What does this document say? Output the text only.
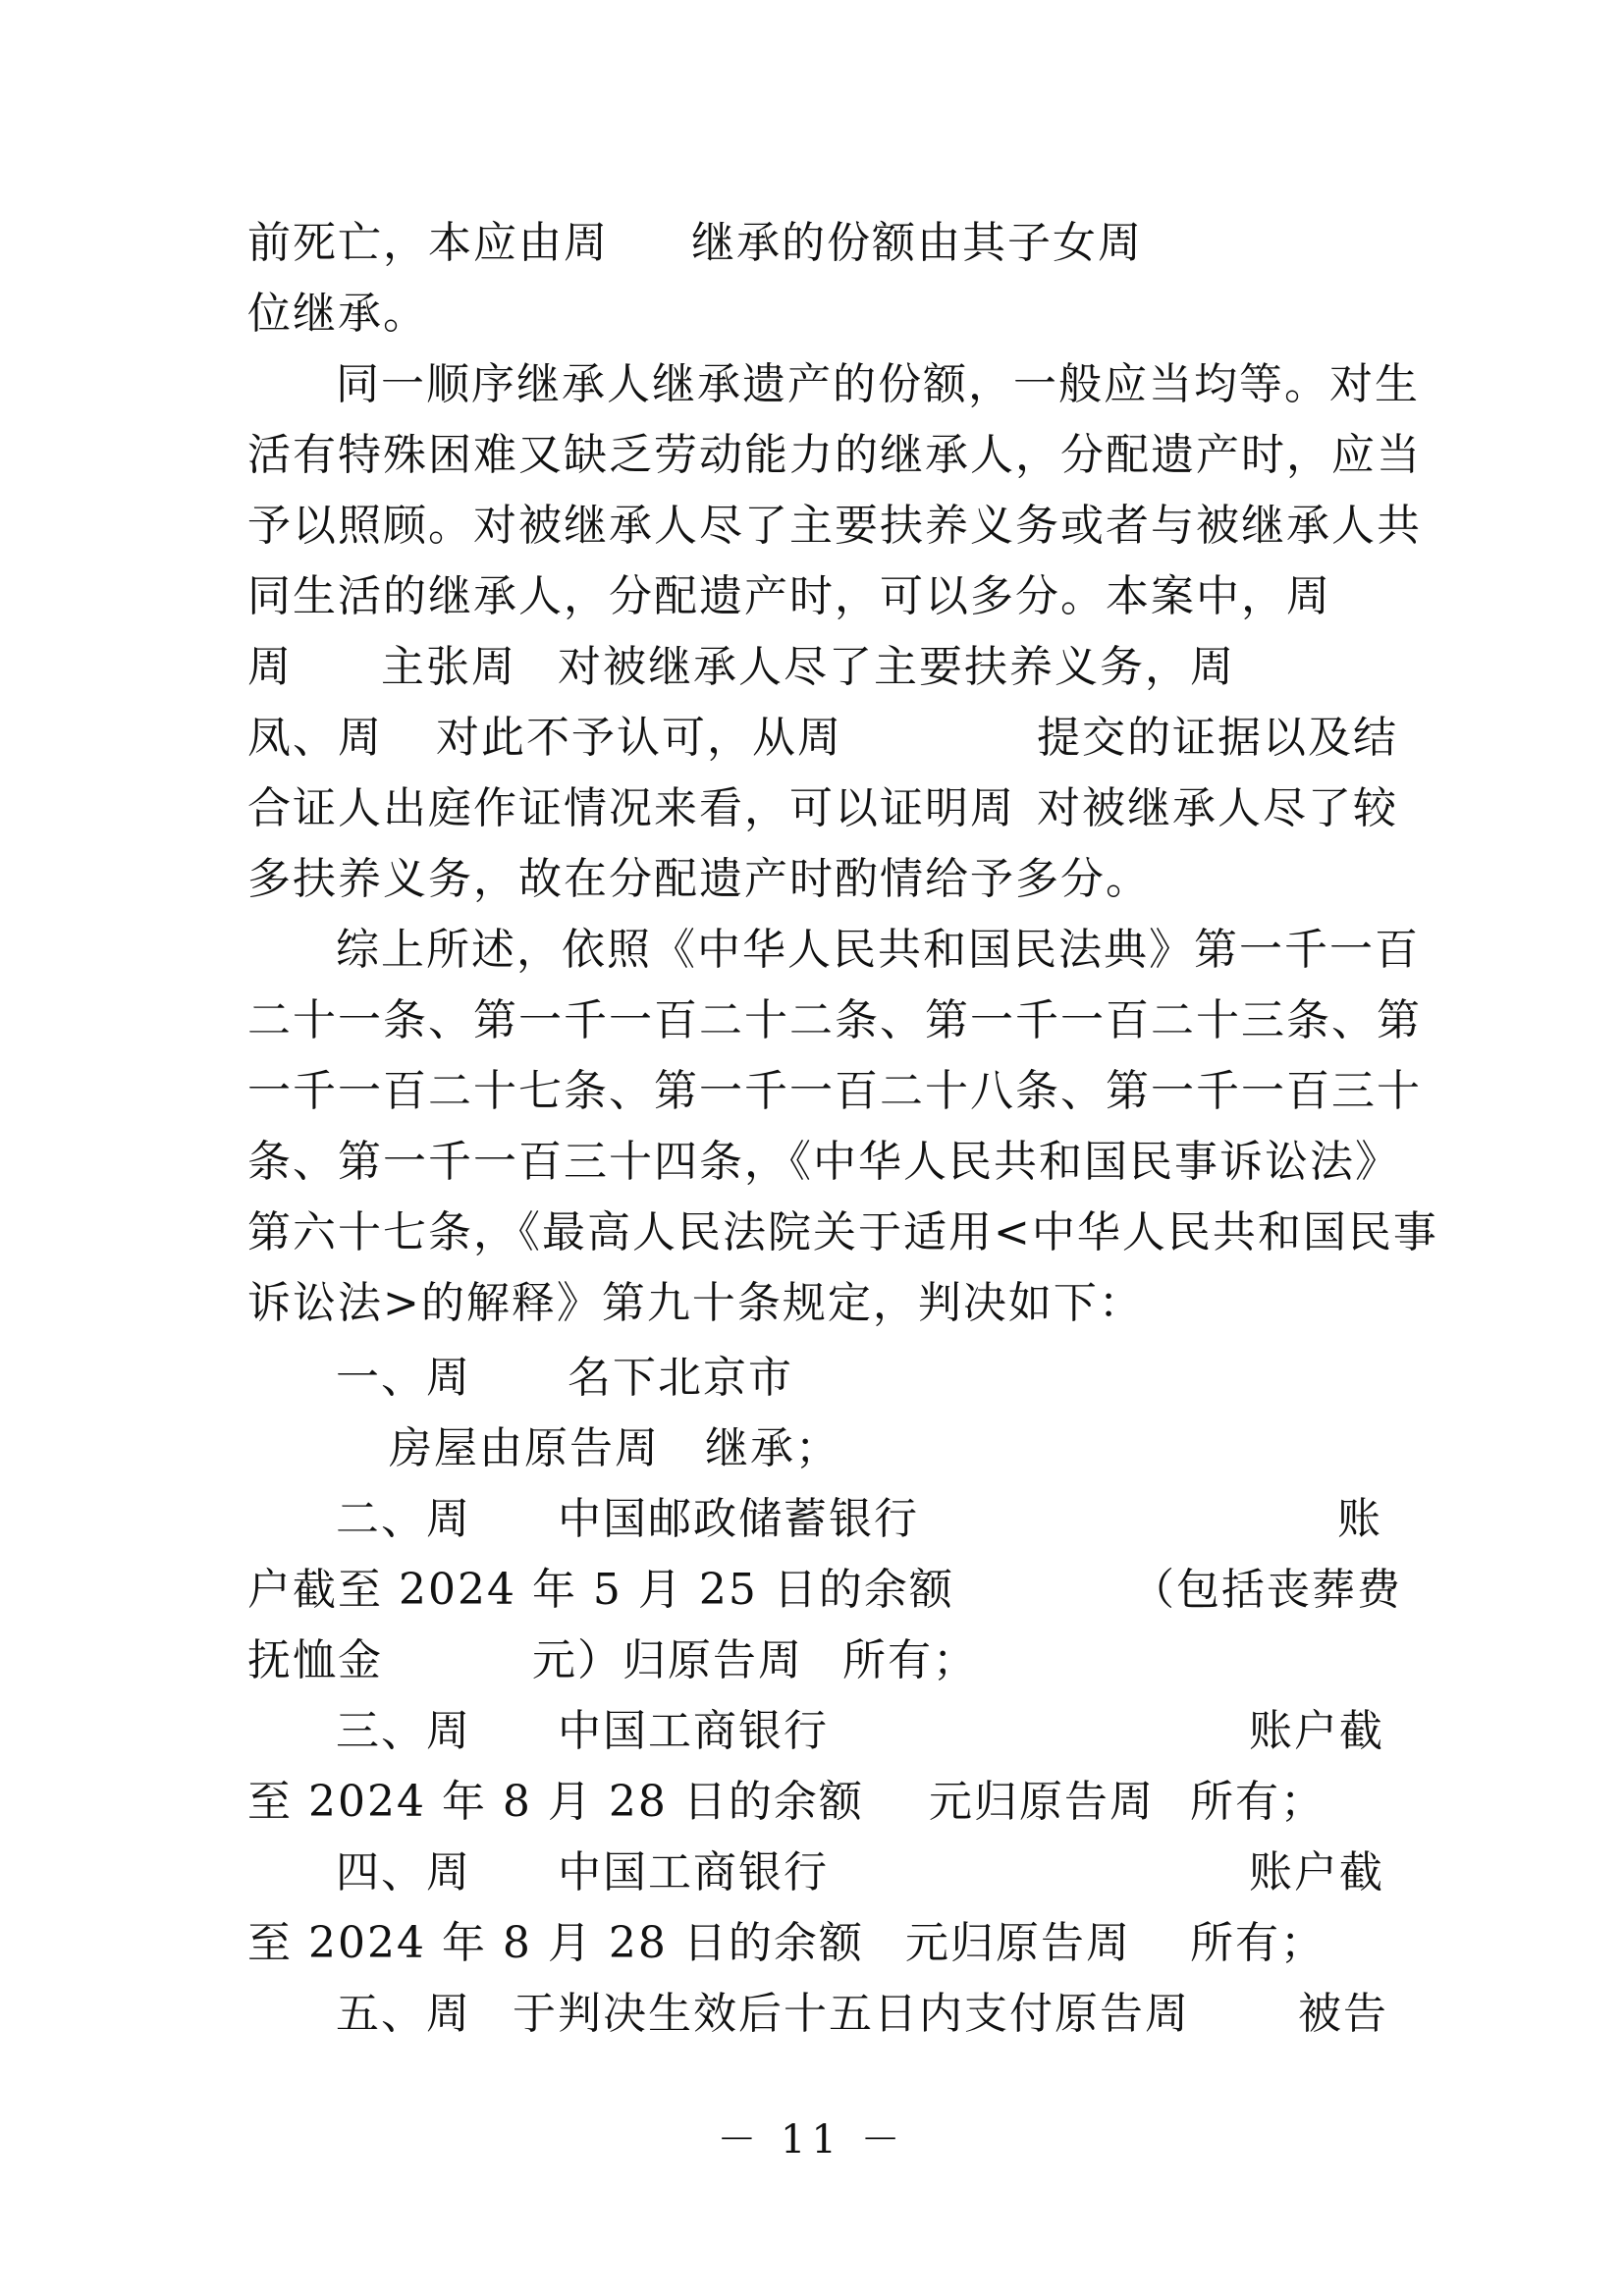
前死亡，本应由周 继承的份额由其子女周
位继承。
同一顺序继承人继承遗产的份额，一般应当均等。对生
活有特殊困难又缺乏劳动能力的继承人，分配遗产时，应当
予以照顾。对被继承人尽了主要扶养义务或者与被继承人共
同生活的继承人，分配遗产时，可以多分。本案中，周
周 主张周 对被继承人尽了主要扶养义务，周
凤、周 对此不予认可，从周	提交的证据以及结
合证人出庭作证情况来看，可以证明周 对被继承人尽了较
多扶养义务，故在分配遗产时酌情给予多分。
综上所述，依照《中华人民共和国民法典》第一千一百
二十一条、第一千一百二十二条、第一千一百二十三条、第
一千一百二十七条、第一千一百二十八条、第一千一百三十
条、第一千一百三十四条，《中华人民共和国民事诉讼法》
第六十七条，《最高人民法院关于适用<中华人民共和国民事
诉讼法>的解释》第九十条规定，判决如下：
一、周 名下北京市
房屋由原告周 继承；
二、周 中国邮政储蓄银行	账
户截至 2024 年 5 月 25 日的余额	（包括丧葬费
抚恤金	元）归原告周 所有；
三、周 中国工商银行	账户截
至 2024 年 8 月 28 日的余额 元归原告周 所有；
四、周 中国工商银行	账户截
至 2024 年 8 月 28 日的余额 元归原告周 所有；
五、周 于判决生效后十五日内支付原告周	被告
－ 11 －
